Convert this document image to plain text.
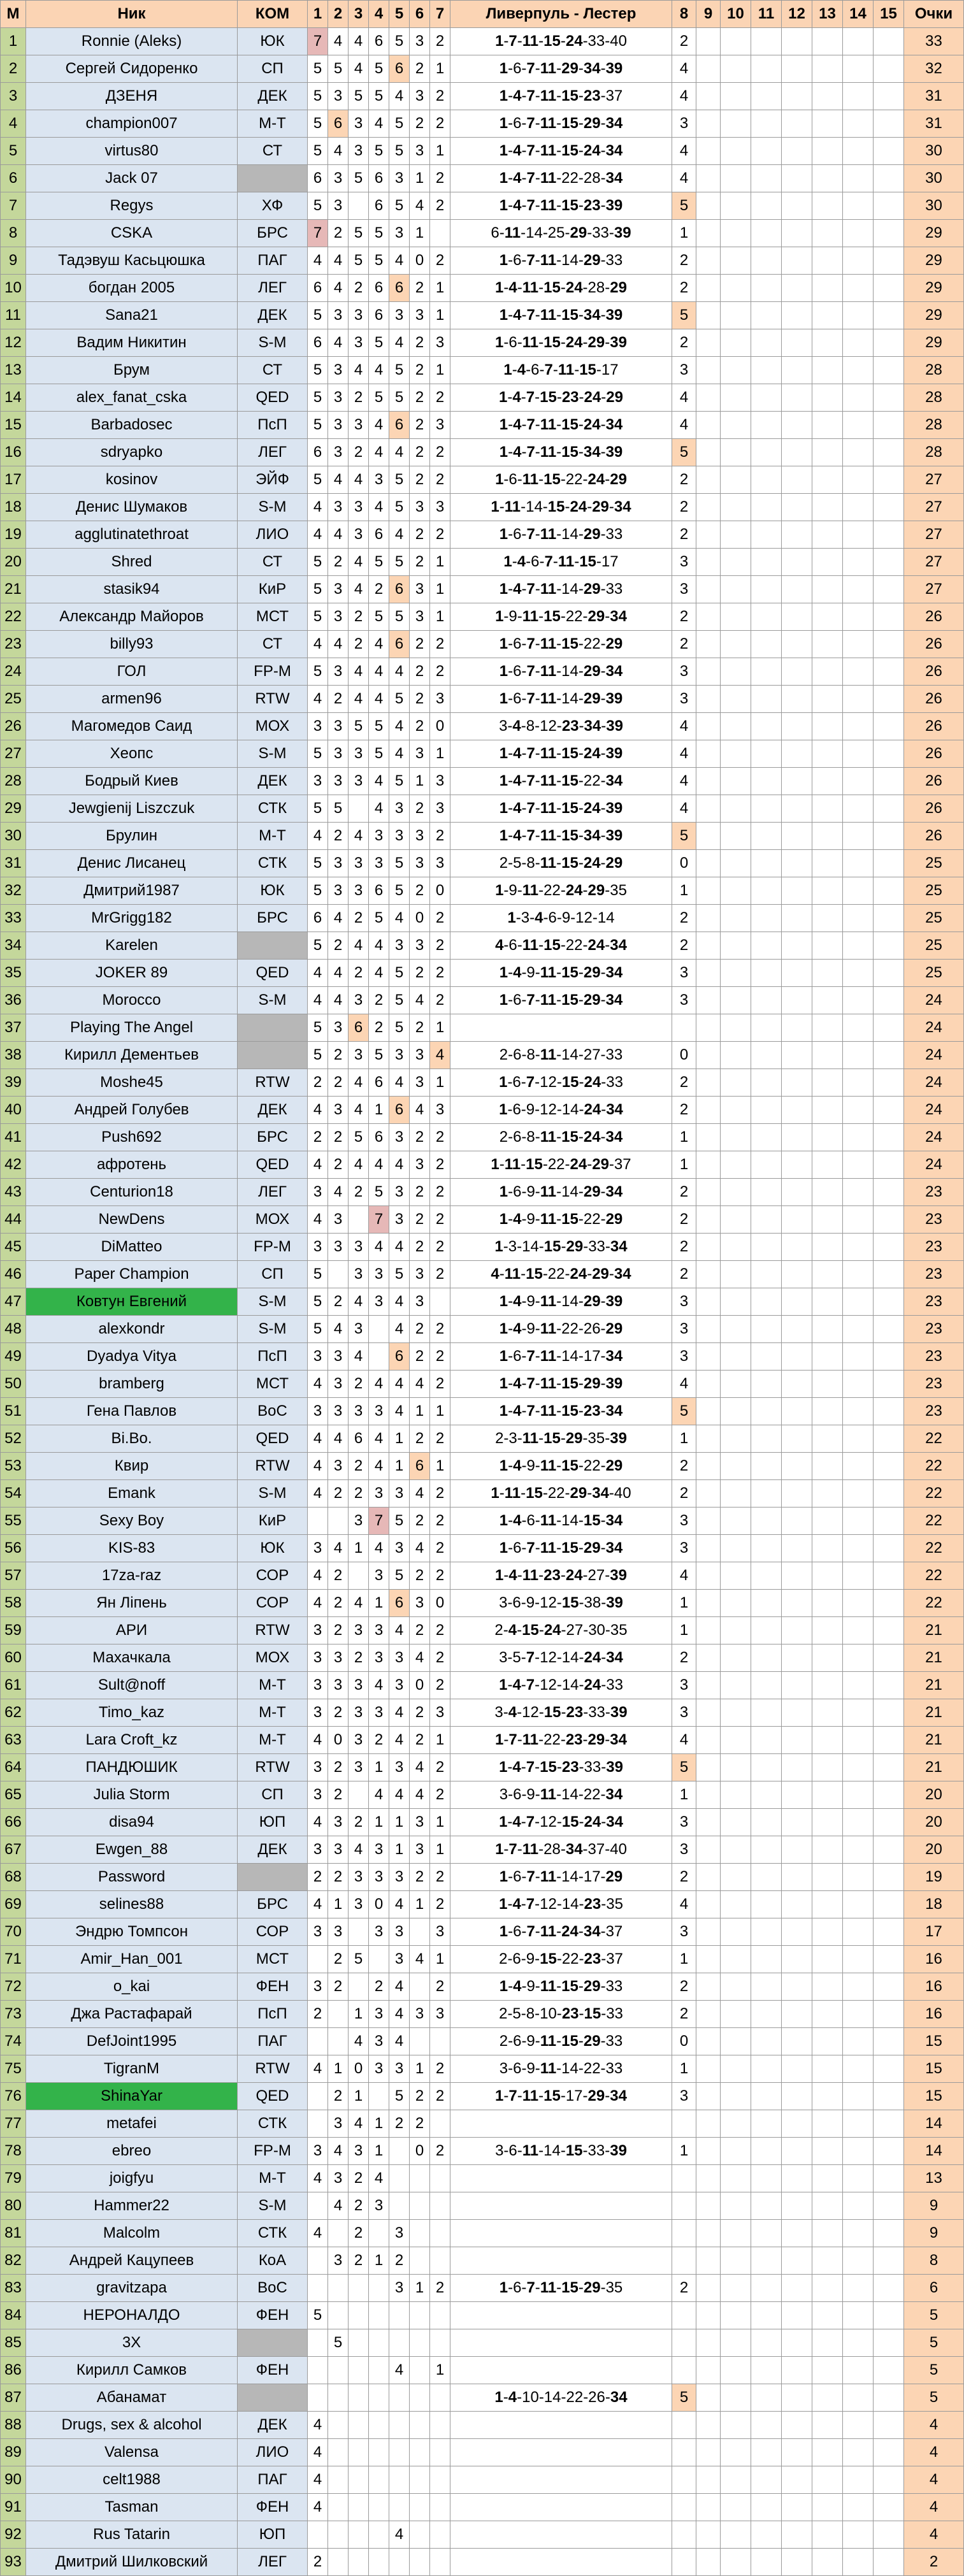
M	Ник	КОМ	1	2	3	4	5	6	7	Ливерпуль - Лестер	8	9	10	11	12	13	14	15	Очки
1	Ronnie (Aleks)	ЮК	7	4	4	6	5	3	2	1-7-11-15-24-33-40	2								33
2	Сергей Сидоренко	СП	5	5	4	5	6	2	1	1-6-7-11-29-34-39	4								32
3	ДЗЕНЯ	ДЕК	5	3	5	5	4	3	2	1-4-7-11-15-23-37	4								31
4	champion007	М-Т	5	6	3	4	5	2	2	1-6-7-11-15-29-34	3								31
5	virtus80	СТ	5	4	3	5	5	3	1	1-4-7-11-15-24-34	4								30
6	Jack 07		6	3	5	6	3	1	2	1-4-7-11-22-28-34	4								30
7	Regys	ХФ	5	3		6	5	4	2	1-4-7-11-15-23-39	5								30
8	CSKA	БРС	7	2	5	5	3	1		6-11-14-25-29-33-39	1								29
9	Тадэвуш Касьцюшка	ПАГ	4	4	5	5	4	0	2	1-6-7-11-14-29-33	2								29
10	богдан 2005	ЛЕГ	6	4	2	6	6	2	1	1-4-11-15-24-28-29	2								29
11	Sana21	ДЕК	5	3	3	6	3	3	1	1-4-7-11-15-34-39	5								29
12	Вадим Никитин	S-M	6	4	3	5	4	2	3	1-6-11-15-24-29-39	2								29
13	Брум	СТ	5	3	4	4	5	2	1	1-4-6-7-11-15-17	3								28
14	alex_fanat_cska	QED	5	3	2	5	5	2	2	1-4-7-15-23-24-29	4								28
15	Barbadosec	ПсП	5	3	3	4	6	2	3	1-4-7-11-15-24-34	4								28
16	sdryapko	ЛЕГ	6	3	2	4	4	2	2	1-4-7-11-15-34-39	5								28
17	kosinov	ЭЙФ	5	4	4	3	5	2	2	1-6-11-15-22-24-29	2								27
18	Денис Шумаков	S-M	4	3	3	4	5	3	3	1-11-14-15-24-29-34	2								27
19	agglutinatethroat	ЛИО	4	4	3	6	4	2	2	1-6-7-11-14-29-33	2								27
20	Shred	СТ	5	2	4	5	5	2	1	1-4-6-7-11-15-17	3								27
21	stasik94	КиР	5	3	4	2	6	3	1	1-4-7-11-14-29-33	3								27
22	Александр Майоров	МСТ	5	3	2	5	5	3	1	1-9-11-15-22-29-34	2								26
23	billy93	СТ	4	4	2	4	6	2	2	1-6-7-11-15-22-29	2								26
24	ГОЛ	FP-M	5	3	4	4	4	2	2	1-6-7-11-14-29-34	3								26
25	armen96	RTW	4	2	4	4	5	2	3	1-6-7-11-14-29-39	3								26
26	Магомедов Саид	МОХ	3	3	5	5	4	2	0	3-4-8-12-23-34-39	4								26
27	Хеопс	S-M	5	3	3	5	4	3	1	1-4-7-11-15-24-39	4								26
28	Бодрый Киев	ДЕК	3	3	3	4	5	1	3	1-4-7-11-15-22-34	4								26
29	Jewgienij Liszczuk	СТК	5	5		4	3	2	3	1-4-7-11-15-24-39	4								26
30	Брулин	М-Т	4	2	4	3	3	3	2	1-4-7-11-15-34-39	5								26
31	Денис Лисанец	СТК	5	3	3	3	5	3	3	2-5-8-11-15-24-29	0								25
32	Дмитрий1987	ЮК	5	3	3	6	5	2	0	1-9-11-22-24-29-35	1								25
33	MrGrigg182	БРС	6	4	2	5	4	0	2	1-3-4-6-9-12-14	2								25
34	Karelen		5	2	4	4	3	3	2	4-6-11-15-22-24-34	2								25
35	JOKER 89	QED	4	4	2	4	5	2	2	1-4-9-11-15-29-34	3								25
36	Morocco	S-M	4	4	3	2	5	4	2	1-6-7-11-15-29-34	3								24
37	Playing The Angel		5	3	6	2	5	2	1										24
38	Кирилл Дементьев		5	2	3	5	3	3	4	2-6-8-11-14-27-33	0								24
39	Moshe45	RTW	2	2	4	6	4	3	1	1-6-7-12-15-24-33	2								24
40	Андрей Голубев	ДЕК	4	3	4	1	6	4	3	1-6-9-12-14-24-34	2								24
41	Push692	БРС	2	2	5	6	3	2	2	2-6-8-11-15-24-34	1								24
42	афротень	QED	4	2	4	4	4	3	2	1-11-15-22-24-29-37	1								24
43	Centurion18	ЛЕГ	3	4	2	5	3	2	2	1-6-9-11-14-29-34	2								23
44	NewDens	МОХ	4	3		7	3	2	2	1-4-9-11-15-22-29	2								23
45	DiMatteo	FP-M	3	3	3	4	4	2	2	1-3-14-15-29-33-34	2								23
46	Paper Champion	СП	5		3	3	5	3	2	4-11-15-22-24-29-34	2								23
47	Ковтун Евгений	S-M	5	2	4	3	4	3		1-4-9-11-14-29-39	3								23
48	alexkondr	S-M	5	4	3		4	2	2	1-4-9-11-22-26-29	3								23
49	Dyadya Vitya	ПсП	3	3	4		6	2	2	1-6-7-11-14-17-34	3								23
50	bramberg	МСТ	4	3	2	4	4	4	2	1-4-7-11-15-29-39	4								23
51	Гена Павлов	ВоС	3	3	3	3	4	1	1	1-4-7-11-15-23-34	5								23
52	Bi.Bo.	QED	4	4	6	4	1	2	2	2-3-11-15-29-35-39	1								22
53	Квир	RTW	4	3	2	4	1	6	1	1-4-9-11-15-22-29	2								22
54	Emank	S-M	4	2	2	3	3	4	2	1-11-15-22-29-34-40	2								22
55	Sexy Boy	КиР			3	7	5	2	2	1-4-6-11-14-15-34	3								22
56	KIS-83	ЮК	3	4	1	4	3	4	2	1-6-7-11-15-29-34	3								22
57	17za-raz	СОР	4	2		3	5	2	2	1-4-11-23-24-27-39	4								22
58	Ян Ліпень	СОР	4	2	4	1	6	3	0	3-6-9-12-15-38-39	1								22
59	АРИ	RTW	3	2	3	3	4	2	2	2-4-15-24-27-30-35	1								21
60	Махачкала	МОХ	3	3	2	3	3	4	2	3-5-7-12-14-24-34	2								21
61	Sult@noff	М-Т	3	3	3	4	3	0	2	1-4-7-12-14-24-33	3								21
62	Timo_kaz	М-Т	3	2	3	3	4	2	3	3-4-12-15-23-33-39	3								21
63	Lara Croft_kz	М-Т	4	0	3	2	4	2	1	1-7-11-22-23-29-34	4								21
64	ПАНДЮШИК	RTW	3	2	3	1	3	4	2	1-4-7-15-23-33-39	5								21
65	Julia Storm	СП	3	2		4	4	4	2	3-6-9-11-14-22-34	1								20
66	disa94	ЮП	4	3	2	1	1	3	1	1-4-7-12-15-24-34	3								20
67	Ewgen_88	ДЕК	3	3	4	3	1	3	1	1-7-11-28-34-37-40	3								20
68	Password		2	2	3	3	3	2	2	1-6-7-11-14-17-29	2								19
69	selines88	БРС	4	1	3	0	4	1	2	1-4-7-12-14-23-35	4								18
70	Эндрю Томпсон	СОР	3	3		3	3		3	1-6-7-11-24-34-37	3								17
71	Amir_Han_001	МСТ		2	5		3	4	1	2-6-9-15-22-23-37	1								16
72	o_kai	ФЕН	3	2		2	4		2	1-4-9-11-15-29-33	2								16
73	Джа Растафарай	ПсП	2		1	3	4	3	3	2-5-8-10-23-15-33	2								16
74	DefJoint1995	ПАГ			4	3	4			2-6-9-11-15-29-33	0								15
75	TigranM	RTW	4	1	0	3	3	1	2	3-6-9-11-14-22-33	1								15
76	ShinaYar	QED		2	1		5	2	2	1-7-11-15-17-29-34	3								15
77	metafei	СТК		3	4	1	2	2											14
78	ebreo	FP-M	3	4	3	1		0	2	3-6-11-14-15-33-39	1								14
79	joigfyu	М-Т	4	3	2	4													13
80	Hammer22	S-M		4	2	3													9
81	Malcolm	СТК	4		2		3												9
82	Андрей Кацупеев	КоА		3	2	1	2												8
83	gravitzapa	ВоС					3	1	2	1-6-7-11-15-29-35	2								6
84	НЕРОНАЛДО	ФЕН	5																5
85	3X			5															5
86	Кирилл Самков	ФЕН					4		1										5
87	Абанамат									1-4-10-14-22-26-34	5								5
88	Drugs, sex & alcohol	ДЕК	4																4
89	Valensa	ЛИО	4																4
90	celt1988	ПАГ	4																4
91	Tasman	ФЕН	4																4
92	Rus Tatarin	ЮП					4												4
93	Дмитрий Шилковский	ЛЕГ	2																2
